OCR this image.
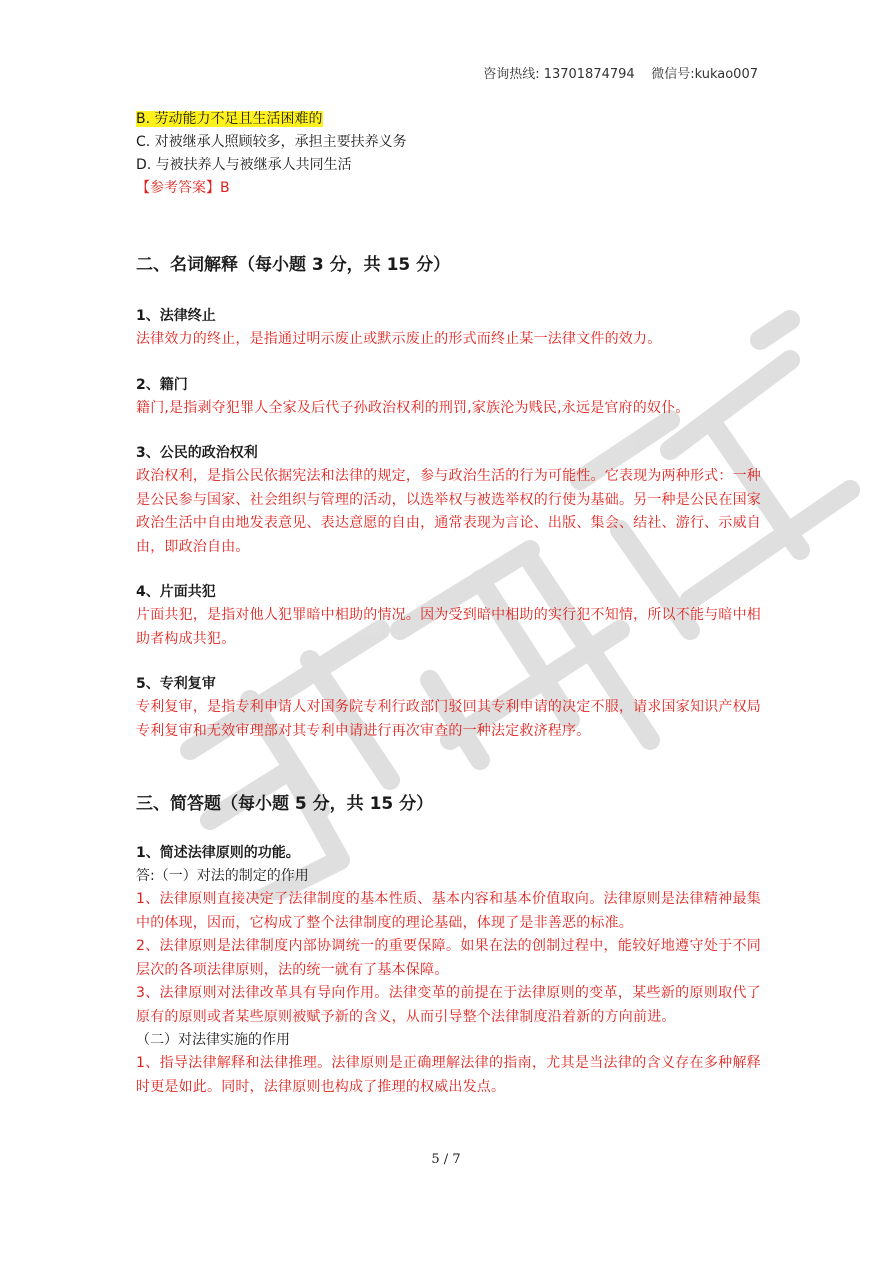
咨询热线: 13701874794 微信号:kukao007
B. 劳动能力不足且生活困难的
C. 对被继承人照顾较多，承担主要扶养义务
D. 与被扶养人与被继承人共同生活
【参考答案】B
二、名词解释（每小题 3 分，共 15 分）
1、法律终止
法律效力的终止，是指通过明示废止或默示废止的形式而终止某一法律文件的效力。
2、籍门
籍门,是指剥夺犯罪人全家及后代子孙政治权利的刑罚,家族沦为贱民,永远是官府的奴仆。
3、公民的政治权利
政治权利，是指公民依据宪法和法律的规定，参与政治生活的行为可能性。它表现为两种形式：一种是公民参与国家、社会组织与管理的活动，以选举权与被选举权的行使为基础。另一种是公民在国家政治生活中自由地发表意见、表达意愿的自由，通常表现为言论、出版、集会、结社、游行、示威自由，即政治自由。
4、片面共犯
片面共犯，是指对他人犯罪暗中相助的情况。因为受到暗中相助的实行犯不知情，所以不能与暗中相助者构成共犯。
5、专利复审
专利复审，是指专利申请人对国务院专利行政部门驳回其专利申请的决定不服，请求国家知识产权局专利复审和无效审理部对其专利申请进行再次审查的一种法定救济程序。
三、简答题（每小题 5 分，共 15 分）
1、简述法律原则的功能。
答:（一）对法的制定的作用
1、法律原则直接决定了法律制度的基本性质、基本内容和基本价值取向。法律原则是法律精神最集中的体现，因而，它构成了整个法律制度的理论基础，体现了是非善恶的标准。
2、法律原则是法律制度内部协调统一的重要保障。如果在法的创制过程中，能较好地遵守处于不同层次的各项法律原则，法的统一就有了基本保障。
3、法律原则对法律改革具有导向作用。法律变革的前提在于法律原则的变革，某些新的原则取代了原有的原则或者某些原则被赋予新的含义，从而引导整个法律制度沿着新的方向前进。
（二）对法律实施的作用
1、指导法律解释和法律推理。法律原则是正确理解法律的指南，尤其是当法律的含义存在多种解释时更是如此。同时，法律原则也构成了推理的权威出发点。
5 / 7
